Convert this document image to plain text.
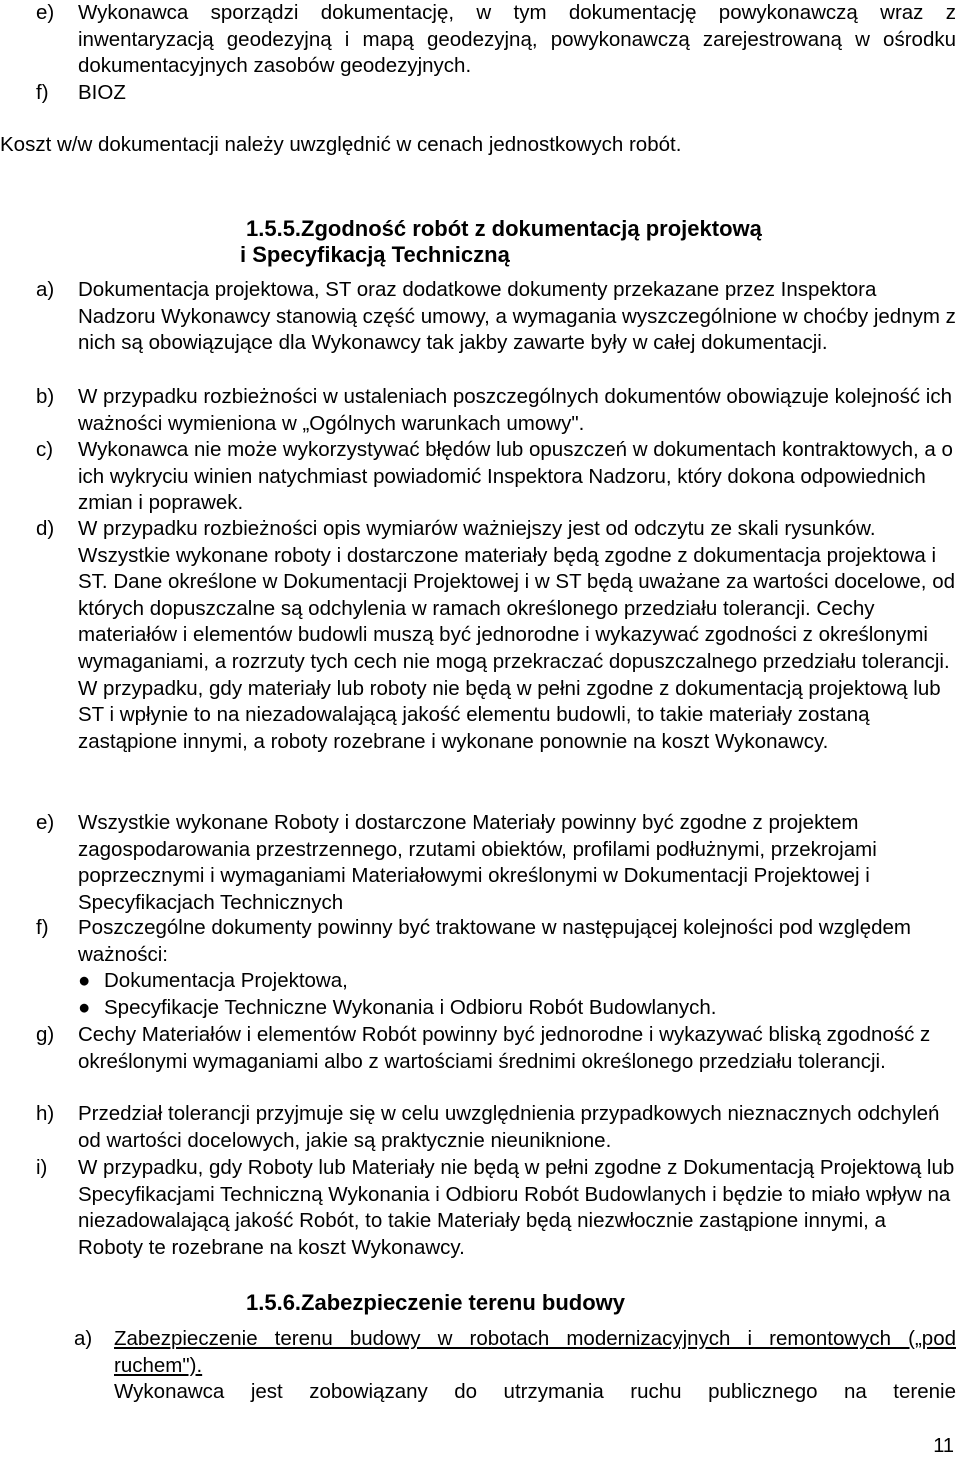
e)	Wykonawca sporządzi dokumentację, w tym dokumentację powykonawczą wraz z inwentaryzacją geodezyjną i mapą geodezyjną, powykonawczą zarejestrowaną w ośrodku dokumentacyjnych zasobów geodezyjnych.
f)	BIOZ
Koszt w/w dokumentacji należy uwzględnić w cenach jednostkowych robót.
1.5.5.Zgodność robót z dokumentacją projektową
i Specyfikacją Techniczną
a)	Dokumentacja projektowa, ST oraz dodatkowe dokumenty przekazane przez Inspektora Nadzoru Wykonawcy stanowią część umowy, a wymagania wyszczególnione w choćby jednym z nich są obowiązujące dla Wykonawcy tak jakby zawarte były w całej dokumentacji.
b)	W przypadku rozbieżności w ustaleniach poszczególnych dokumentów obowiązuje kolejność ich ważności wymieniona w „Ogólnych warunkach umowy".
c)	Wykonawca nie może wykorzystywać błędów lub opuszczeń w dokumentach kontraktowych, a o ich wykryciu winien natychmiast powiadomić Inspektora Nadzoru, który dokona odpowiednich zmian i poprawek.
d)	W przypadku rozbieżności opis wymiarów ważniejszy jest od odczytu ze skali rysunków. Wszystkie wykonane roboty i dostarczone materiały będą zgodne z dokumentacja projektowa i ST. Dane określone w Dokumentacji Projektowej i w ST będą uważane za wartości docelowe, od których dopuszczalne są odchylenia w ramach określonego przedziału tolerancji. Cechy materiałów i elementów budowli muszą być jednorodne i wykazywać zgodności z określonymi wymaganiami, a rozrzuty tych cech nie mogą przekraczać dopuszczalnego przedziału tolerancji. W przypadku, gdy materiały lub roboty nie będą w pełni zgodne z dokumentacją projektową lub ST i wpłynie to na niezadowalającą jakość elementu budowli, to takie materiały zostaną zastąpione innymi, a roboty rozebrane i wykonane ponownie na koszt Wykonawcy.
e)	Wszystkie wykonane Roboty i dostarczone Materiały powinny być zgodne z projektem zagospodarowania przestrzennego, rzutami obiektów, profilami podłużnymi, przekrojami poprzecznymi i wymaganiami Materiałowymi określonymi w Dokumentacji Projektowej i Specyfikacjach Technicznych
f)	Poszczególne dokumenty powinny być traktowane w następującej kolejności pod względem ważności:
● Dokumentacja Projektowa,
● Specyfikacje Techniczne Wykonania i Odbioru Robót Budowlanych.
g)	Cechy Materiałów i elementów Robót powinny być jednorodne i wykazywać bliską zgodność z określonymi wymaganiami albo z wartościami średnimi określonego przedziału tolerancji.
h)	Przedział tolerancji przyjmuje się w celu uwzględnienia przypadkowych nieznacznych odchyleń od wartości docelowych, jakie są praktycznie nieuniknione.
i)	W przypadku, gdy Roboty lub Materiały nie będą w pełni zgodne z Dokumentacją Projektową lub Specyfikacjami Techniczną Wykonania i Odbioru Robót Budowlanych i będzie to miało wpływ na niezadowalającą jakość Robót, to takie Materiały będą niezwłocznie zastąpione innymi, a Roboty te rozebrane na koszt Wykonawcy.
1.5.6.Zabezpieczenie terenu budowy
a)	Zabezpieczenie terenu budowy w robotach modernizacyjnych i remontowych („pod ruchem").
Wykonawca jest zobowiązany do utrzymania ruchu publicznego na terenie
11
